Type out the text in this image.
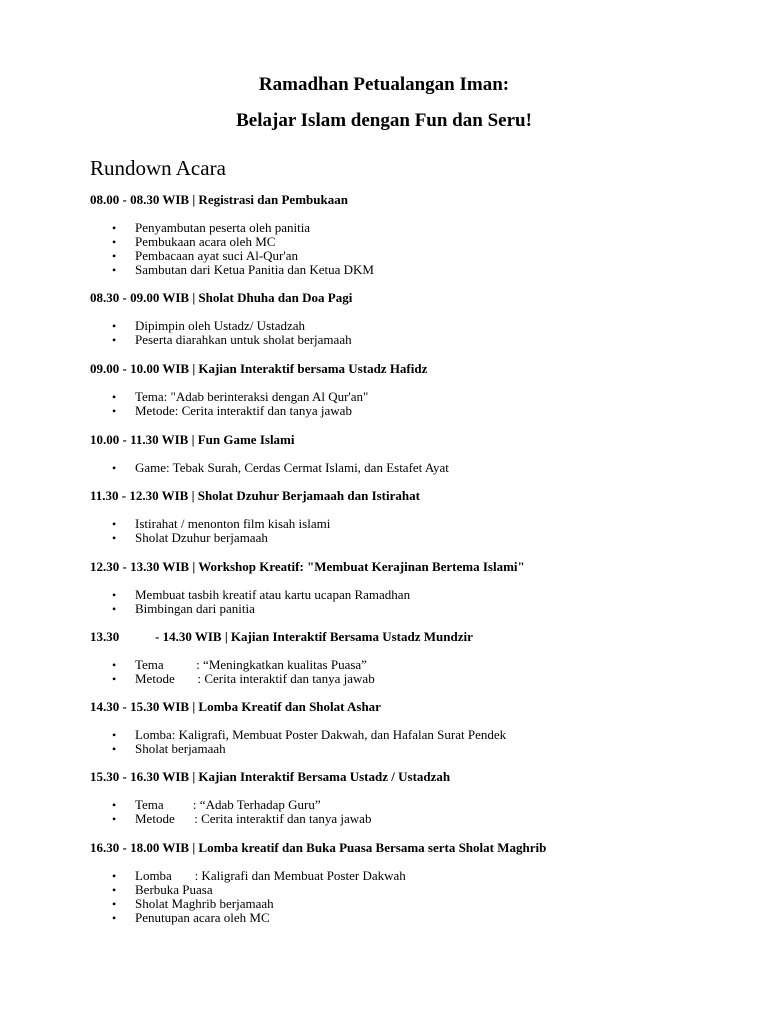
Ramadhan Petualangan Iman:
Belajar Islam dengan Fun dan Seru!
Rundown Acara

08.00 - 08.30 WIB | Registrasi dan Pembukaan

• Penyambutan peserta oleh panitia
• Pembukaan acara oleh MC
• Pembacaan ayat suci Al-Qur'an
• Sambutan dari Ketua Panitia dan Ketua DKM

08.30 - 09.00 WIB | Sholat Dhuha dan Doa Pagi

• Dipimpin oleh Ustadz/ Ustadzah
• Peserta diarahkan untuk sholat berjamaah

09.00 - 10.00 WIB | Kajian Interaktif bersama Ustadz Hafidz

• Tema: "Adab berinteraksi dengan Al Qur'an"
• Metode: Cerita interaktif dan tanya jawab

10.00 - 11.30 WIB | Fun Game Islami

• Game: Tebak Surah, Cerdas Cermat Islami, dan Estafet Ayat

11.30 - 12.30 WIB | Sholat Dzuhur Berjamaah dan Istirahat

• Istirahat / menonton film kisah islami
• Sholat Dzuhur berjamaah

12.30 - 13.30 WIB | Workshop Kreatif: "Membuat Kerajinan Bertema Islami"

• Membuat tasbih kreatif atau kartu ucapan Ramadhan
• Bimbingan dari panitia

13.30           - 14.30 WIB | Kajian Interaktif Bersama Ustadz Mundzir

• Tema          : “Meningkatkan kualitas Puasa”
• Metode       : Cerita interaktif dan tanya jawab

14.30 - 15.30 WIB | Lomba Kreatif dan Sholat Ashar

• Lomba: Kaligrafi, Membuat Poster Dakwah, dan Hafalan Surat Pendek
• Sholat berjamaah

15.30 - 16.30 WIB | Kajian Interaktif Bersama Ustadz / Ustadzah

• Tema         : “Adab Terhadap Guru”
• Metode      : Cerita interaktif dan tanya jawab

16.30 - 18.00 WIB | Lomba kreatif dan Buka Puasa Bersama serta Sholat Maghrib

• Lomba       : Kaligrafi dan Membuat Poster Dakwah
• Berbuka Puasa
• Sholat Maghrib berjamaah
• Penutupan acara oleh MC
